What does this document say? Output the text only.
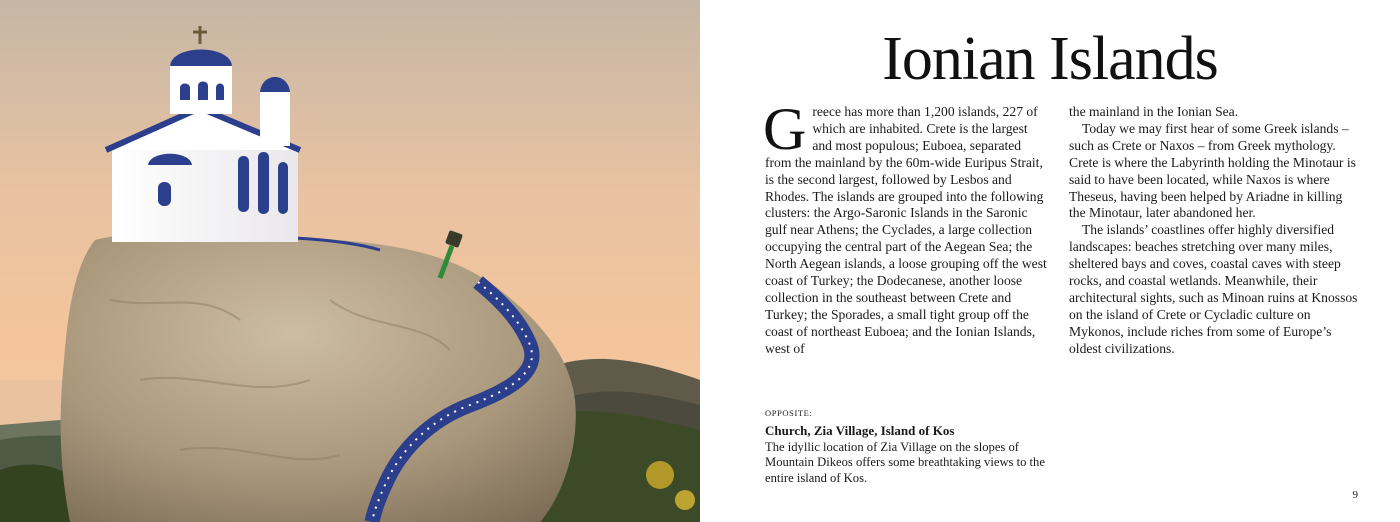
Ionian Islands

Greece has more than 1,200 islands, 227 of which are inhabited. Crete is the largest and most populous; Euboea, separated from the mainland by the 60m-wide Euripus Strait, is the second largest, followed by Lesbos and Rhodes. The islands are grouped into the following clusters: the Argo-Saronic Islands in the Saronic gulf near Athens; the Cyclades, a large collection occupying the central part of the Aegean Sea; the North Aegean islands, a loose grouping off the west coast of Turkey; the Dodecanese, another loose collection in the southeast between Crete and Turkey; the Sporades, a small tight group off the coast of northeast Euboea; and the Ionian Islands, west of

the mainland in the Ionian Sea.

Today we may first hear of some Greek islands – such as Crete or Naxos – from Greek mythology. Crete is where the Labyrinth holding the Minotaur is said to have been located, while Naxos is where Theseus, having been helped by Ariadne in killing the Minotaur, later abandoned her.

The islands’ coastlines offer highly diversified landscapes: beaches stretching over many miles, sheltered bays and coves, coastal caves with steep rocks, and coastal wetlands. Meanwhile, their architectural sights, such as Minoan ruins at Knossos on the island of Crete or Cycladic culture on Mykonos, include riches from some of Europe’s oldest civilizations.

OPPOSITE:
Church, Zia Village, Island of Kos
The idyllic location of Zia Village on the slopes of Mountain Dikeos offers some breathtaking views to the entire island of Kos.
9
